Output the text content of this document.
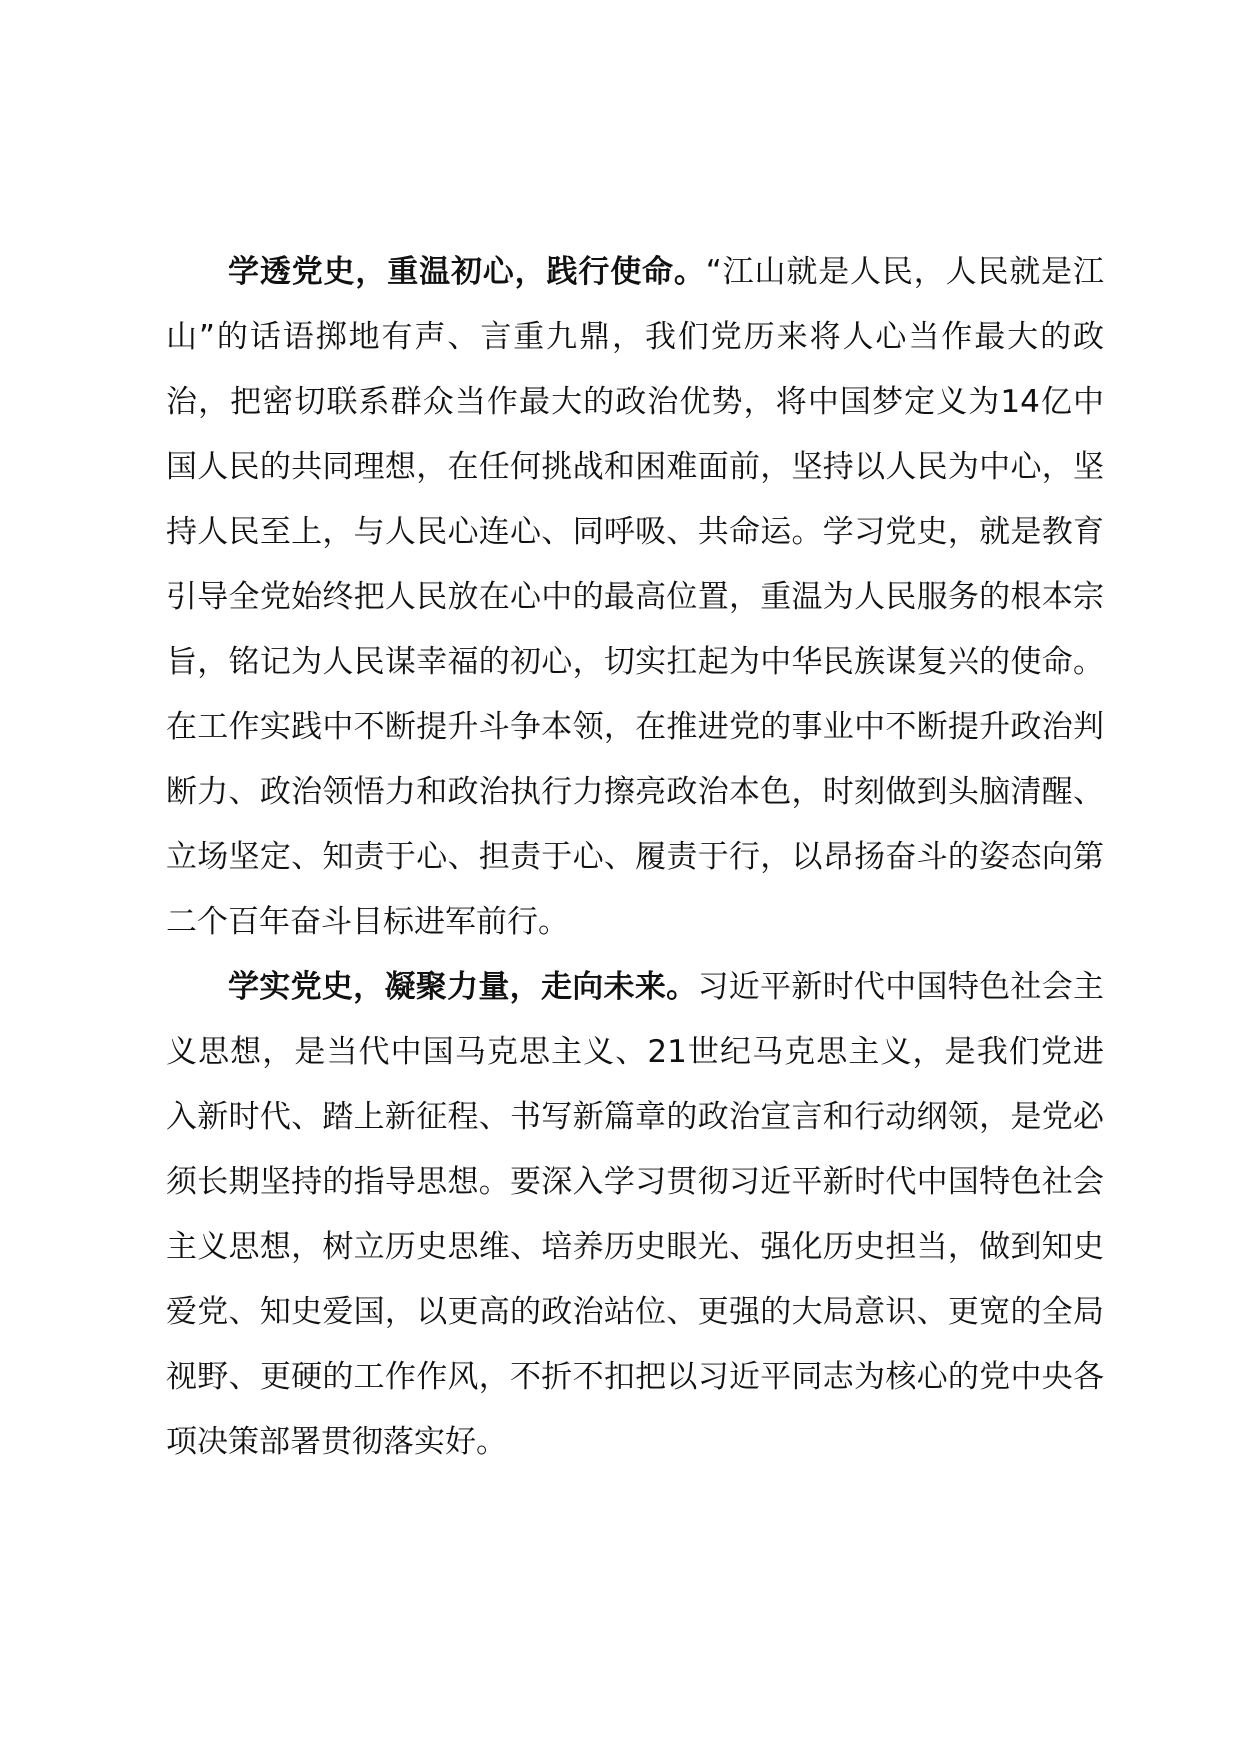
学透党史，重温初心，践行使命。“江山就是人民，人民就是江山”的话语掷地有声、言重九鼎，我们党历来将人心当作最大的政治，把密切联系群众当作最大的政治优势，将中国梦定义为14亿中国人民的共同理想，在任何挑战和困难面前，坚持以人民为中心，坚持人民至上，与人民心连心、同呼吸、共命运。学习党史，就是教育引导全党始终把人民放在心中的最高位置，重温为人民服务的根本宗旨，铭记为人民谋幸福的初心，切实扛起为中华民族谋复兴的使命。在工作实践中不断提升斗争本领，在推进党的事业中不断提升政治判断力、政治领悟力和政治执行力擦亮政治本色，时刻做到头脑清醒、立场坚定、知责于心、担责于心、履责于行，以昂扬奋斗的姿态向第二个百年奋斗目标进军前行。

学实党史，凝聚力量，走向未来。习近平新时代中国特色社会主义思想，是当代中国马克思主义、21世纪马克思主义，是我们党进入新时代、踏上新征程、书写新篇章的政治宣言和行动纲领，是党必须长期坚持的指导思想。要深入学习贯彻习近平新时代中国特色社会主义思想，树立历史思维、培养历史眼光、强化历史担当，做到知史爱党、知史爱国，以更高的政治站位、更强的大局意识、更宽的全局视野、更硬的工作作风，不折不扣把以习近平同志为核心的党中央各项决策部署贯彻落实好。
